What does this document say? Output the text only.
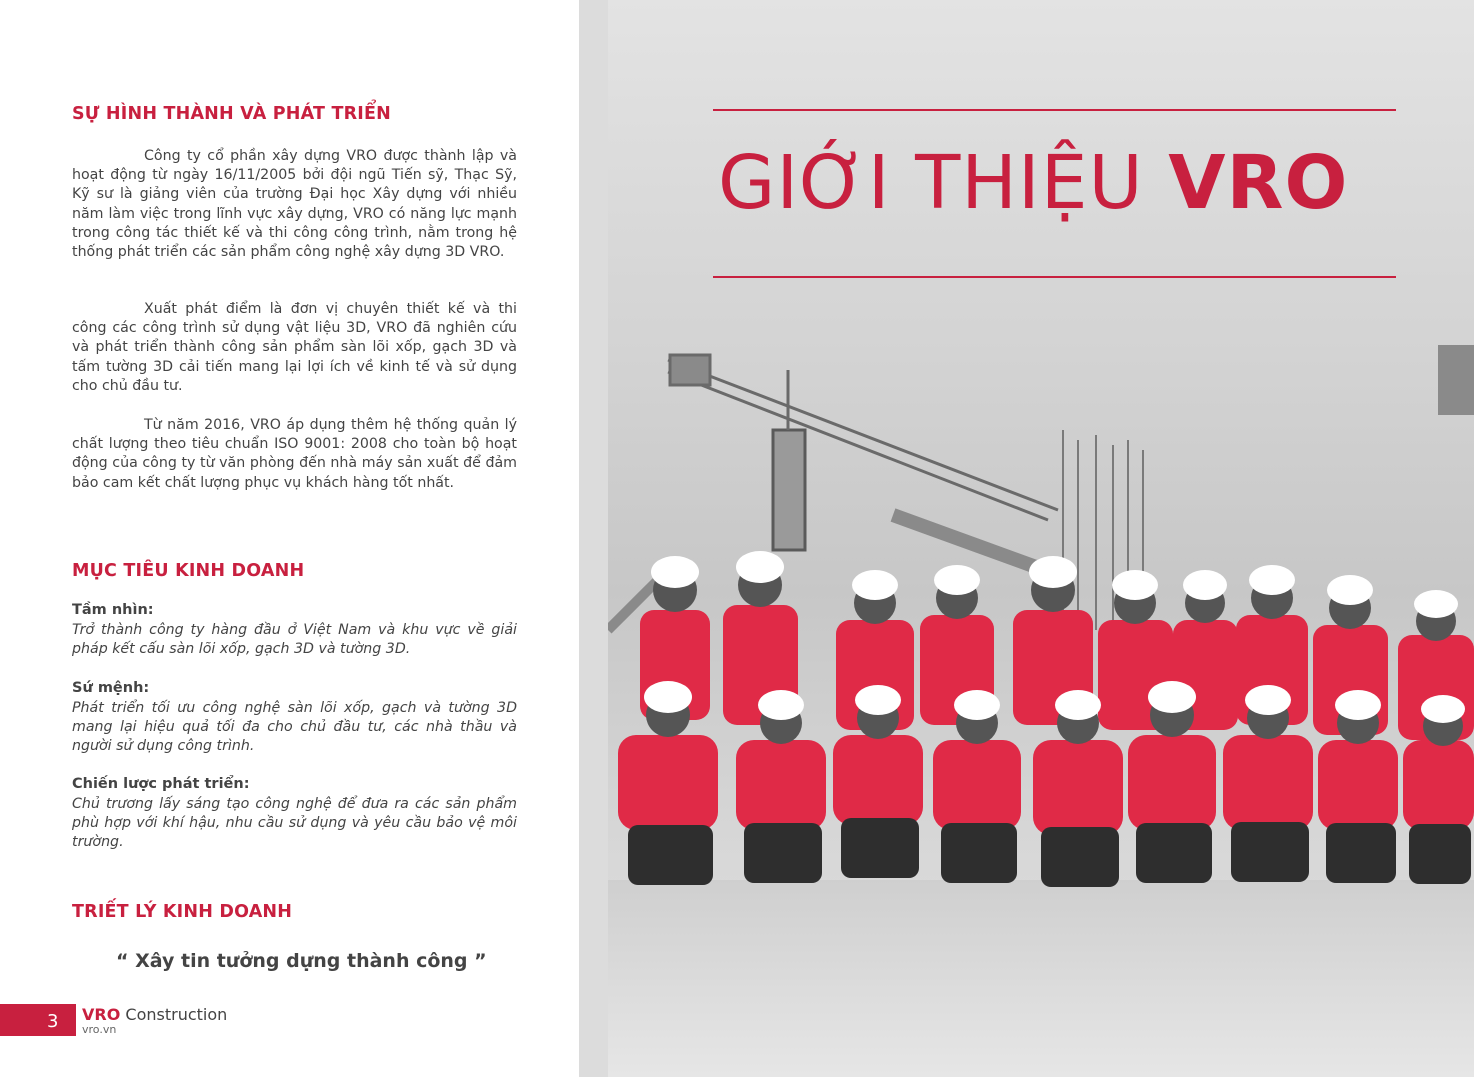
SỰ HÌNH THÀNH VÀ PHÁT TRIỂN

Công ty cổ phần xây dựng VRO được thành lập và hoạt động từ ngày 16/11/2005 bởi đội ngũ Tiến sỹ, Thạc Sỹ, Kỹ sư là giảng viên của trường Đại học Xây dựng với nhiều năm làm việc trong lĩnh vực xây dựng, VRO có năng lực mạnh trong công tác thiết kế và thi công công trình, nằm trong hệ thống phát triển các sản phẩm công nghệ xây dựng 3D VRO.

Xuất phát điểm là đơn vị chuyên thiết kế và thi công các công trình sử dụng vật liệu 3D, VRO đã nghiên cứu và phát triển thành công sản phẩm sàn lõi xốp, gạch 3D và tấm tường 3D cải tiến mang lại lợi ích về kinh tế và sử dụng cho chủ đầu tư.

Từ năm 2016, VRO áp dụng thêm hệ thống quản lý chất lượng theo tiêu chuẩn ISO 9001: 2008 cho toàn bộ hoạt động của công ty từ văn phòng đến nhà máy sản xuất để đảm bảo cam kết chất lượng phục vụ khách hàng tốt nhất.

MỤC TIÊU KINH DOANH
Tầm nhìn:

Trở thành công ty hàng đầu ở Việt Nam và khu vực về giải pháp kết cấu sàn lõi xốp, gạch 3D và tường 3D.

Sứ mệnh:

Phát triển tối ưu công nghệ sàn lõi xốp, gạch và tường 3D mang lại hiệu quả tối đa cho chủ đầu tư, các nhà thầu và người sử dụng công trình.

Chiến lược phát triển:

Chủ trương lấy sáng tạo công nghệ để đưa ra các sản phẩm phù hợp với khí hậu, nhu cầu sử dụng và yêu cầu bảo vệ môi trường.

TRIẾT LÝ KINH DOANH

“ Xây tin tưởng dựng thành công ”

3 VRO Construction
vro.vn
GIỚI THIỆU VRO
